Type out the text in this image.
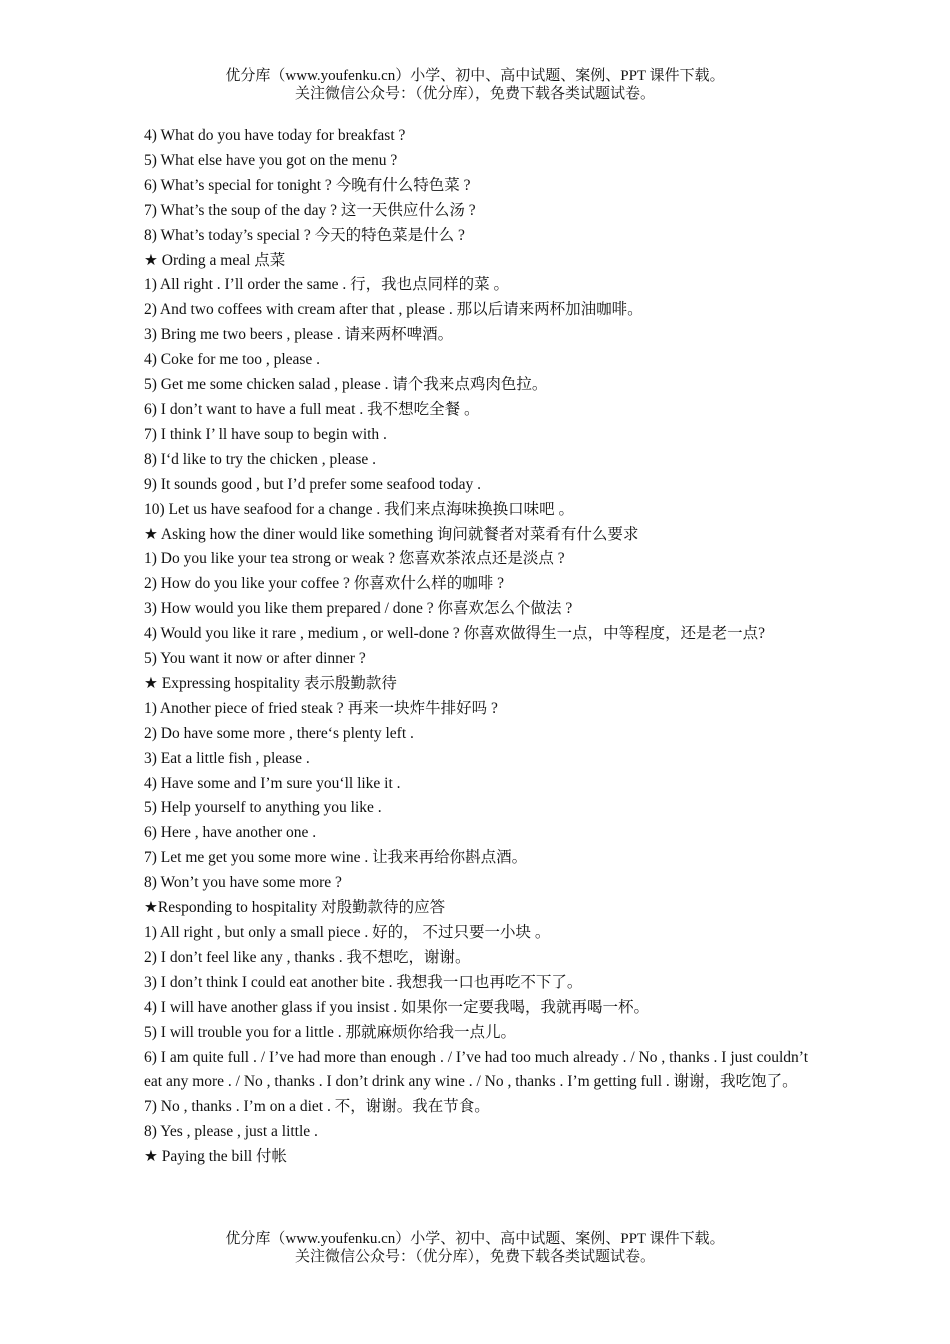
优分库（www.youfenku.cn）小学、初中、高中试题、案例、PPT 课件下载。
关注微信公众号：（优分库），免费下载各类试题试卷。
4) What do you have today for breakfast ?
5) What else have you got on the menu ?
6) What’s special for tonight ? 今晚有什么特色菜 ?
7) What’s the soup of the day ? 这一天供应什么汤 ?
8) What’s today’s special ? 今天的特色菜是什么 ?
★ Ording a meal 点菜
1) All right . I’ll order the same . 行，我也点同样的菜 。
2) And two coffees with cream after that , please . 那以后请来两杯加油咖啡。
3) Bring me two beers , please . 请来两杯啤酒。
4) Coke for me too , please .
5) Get me some chicken salad , please . 请个我来点鸡肉色拉。
6) I don’t want to have a full meat . 我不想吃全餐 。
7) I think I’ ll have soup to begin with .
8) I‘d like to try the chicken , please .
9) It sounds good , but I’d prefer some seafood today .
10) Let us have seafood for a change . 我们来点海味换换口味吧 。
★ Asking how the diner would like something 询问就餐者对菜肴有什么要求
1) Do you like your tea strong or weak ? 您喜欢茶浓点还是淡点 ?
2) How do you like your coffee ? 你喜欢什么样的咖啡 ?
3) How would you like them prepared / done ? 你喜欢怎么个做法 ?
4) Would you like it rare , medium , or well-done ? 你喜欢做得生一点，中等程度，还是老一点?
5) You want it now or after dinner ?
★ Expressing hospitality 表示殷勤款待
1) Another piece of fried steak ? 再来一块炸牛排好吗 ?
2) Do have some more , there‘s plenty left .
3) Eat a little fish , please .
4) Have some and I’m sure you‘ll like it .
5) Help yourself to anything you like .
6) Here , have another one .
7) Let me get you some more wine . 让我来再给你斟点酒。
8) Won’t you have some more ?
★Responding to hospitality 对殷勤款待的应答
1) All right , but only a small piece . 好的， 不过只要一小块 。
2) I don’t feel like any , thanks . 我不想吃，谢谢。
3) I don’t think I could eat another bite . 我想我一口也再吃不下了。
4) I will have another glass if you insist . 如果你一定要我喝，我就再喝一杯。
5) I will trouble you for a little . 那就麻烦你给我一点儿。
6) I am quite full . / I’ve had more than enough . / I’ve had too much already . / No , thanks . I just couldn’t eat any more . / No , thanks . I don’t drink any wine . / No , thanks . I’m getting full . 谢谢，我吃饱了。
7) No , thanks . I’m on a diet . 不，谢谢。我在节食。
8) Yes , please , just a little .
★ Paying the bill 付帐
优分库（www.youfenku.cn）小学、初中、高中试题、案例、PPT 课件下载。
关注微信公众号：（优分库），免费下载各类试题试卷。
